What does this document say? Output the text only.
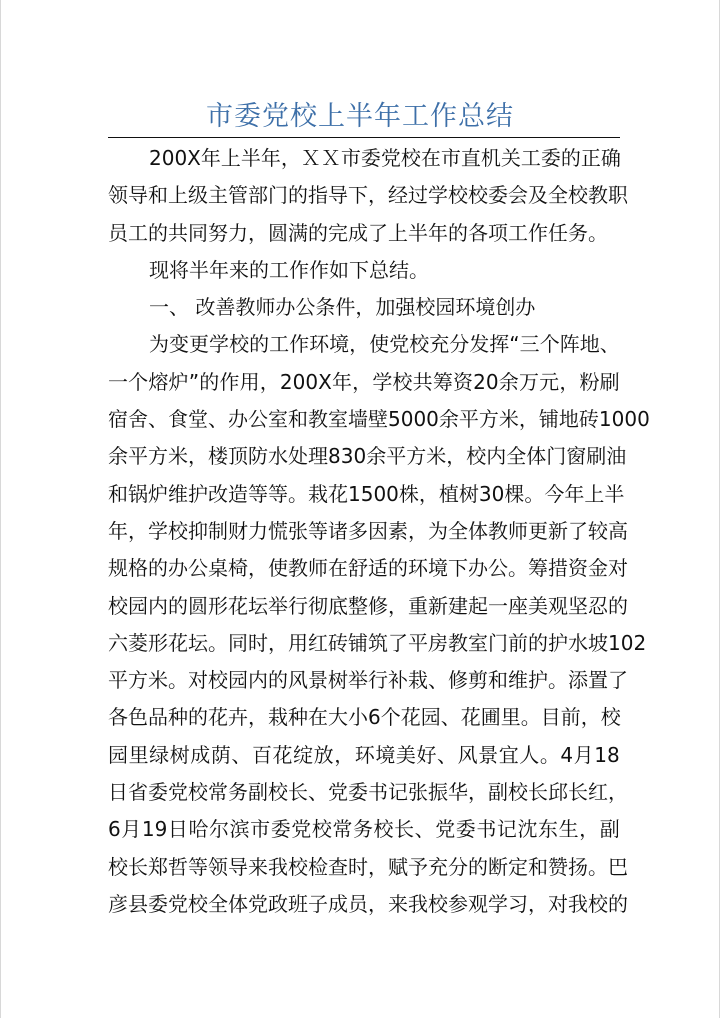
市委党校上半年工作总结
200X 年 上 半 年 ， Ｘ Ｘ 市 委 党 校 在 市 直 机 关 工 委 的 正 确
领 导 和 上 级 主 管 部 门 的 指 导 下 ， 经 过 学 校 校 委 会 及 全 校 教 职
员工的共同努力，圆满的完成了上半年的各项工作任务。
现将半年来的工作作如下总结。
一、 改善教师办公条件，加强校园环境创办
为 变 更 学 校 的 工 作 环 境 ， 使 党 校 充 分 发 挥 “ 三 个 阵 地 、
一 个 熔 炉 ” 的 作 用 ， 200X 年 ， 学 校 共 筹 资 20 余 万 元 ， 粉 刷
宿 舍 、 食 堂 、 办 公 室 和 教 室 墙 壁 5000 余 平 方 米 ， 铺 地 砖 1000
余 平 方 米 ， 楼 顶 防 水 处 理 830 余 平 方 米 ， 校 内 全 体 门 窗 刷 油
和 锅 炉 维 护 改 造 等 等 。 栽 花 1500 株 ， 植 树 30 棵 。 今 年 上 半
年 ， 学 校 抑 制 财 力 慌 张 等 诸 多 因 素 ， 为 全 体 教 师 更 新 了 较 高
规 格 的 办 公 桌 椅 ， 使 教 师 在 舒 适 的 环 境 下 办 公 。 筹 措 资 金 对
校 园 内 的 圆 形 花 坛 举 行 彻 底 整 修 ， 重 新 建 起 一 座 美 观 坚 忍 的
六 菱 形 花 坛 。 同 时 ， 用 红 砖 铺 筑 了 平 房 教 室 门 前 的 护 水 坡 102
平 方 米 。 对 校 园 内 的 风 景 树 举 行 补 栽 、 修 剪 和 维 护 。 添 置 了
各 色 品 种 的 花 卉 ， 栽 种 在 大 小 6 个 花 园 、 花 圃 里 。 目 前 ， 校
园 里 绿 树 成 荫 、 百 花 绽 放 ， 环 境 美 好 、 风 景 宜 人 。 4 月 18
日 省 委 党 校 常 务 副 校 长 、 党 委 书 记 张 振 华 ， 副 校 长 邱 长 红 ，
6 月 19 日 哈 尔 滨 市 委 党 校 常 务 校 长 、 党 委 书 记 沈 东 生 ， 副
校 长 郑 哲 等 领 导 来 我 校 检 查 时 ， 赋 予 充 分 的 断 定 和 赞 扬 。 巴
彦 县 委 党 校 全 体 党 政 班 子 成 员 ， 来 我 校 参 观 学 习 ， 对 我 校 的
